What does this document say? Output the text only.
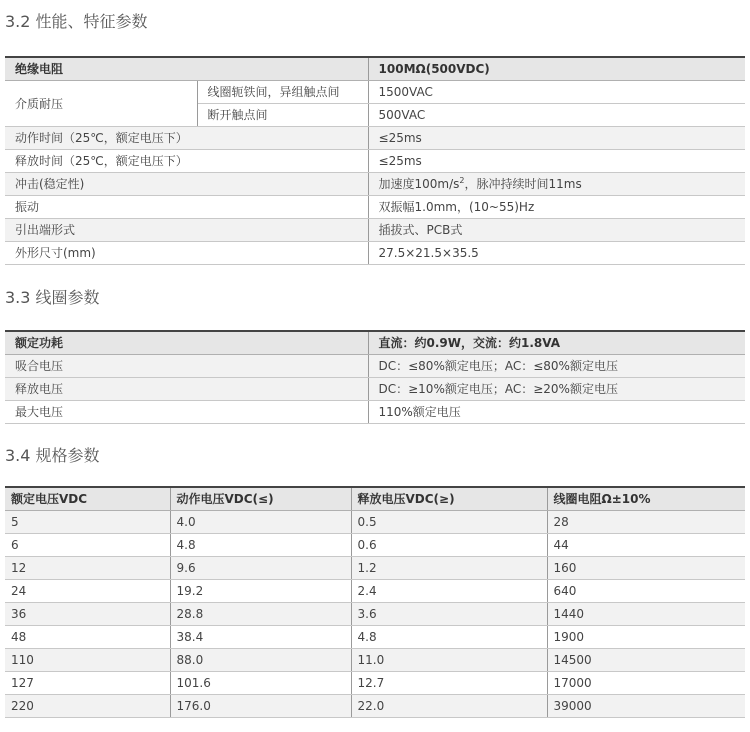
3.2 性能、特征参数
绝缘电阻		100MΩ(500VDC)
介质耐压	线圈轭铁间，异组触点间	1500VAC
	断开触点间	500VAC
动作时间（25℃，额定电压下）		≤25ms
释放时间（25℃，额定电压下）		≤25ms
冲击(稳定性)		加速度$100m/s^2$，脉冲持续时间11ms
振动		双振幅1.0mm，(10~55)Hz
引出端形式		插拔式、PCB式
外形尺寸(mm)		27.5×21.5×35.5
3.3 线圈参数
额定功耗	直流：约0.9W，交流：约1.8VA
吸合电压	DC：≤80%额定电压；AC：≤80%额定电压
释放电压	DC：≥10%额定电压；AC：≥20%额定电压
最大电压	110%额定电压
3.4 规格参数
额定电压VDC	动作电压VDC(≤)	释放电压VDC(≥)	线圈电阻Ω±10%
5	4.0	0.5	28
6	4.8	0.6	44
12	9.6	1.2	160
24	19.2	2.4	640
36	28.8	3.6	1440
48	38.4	4.8	1900
110	88.0	11.0	14500
127	101.6	12.7	17000
220	176.0	22.0	39000
